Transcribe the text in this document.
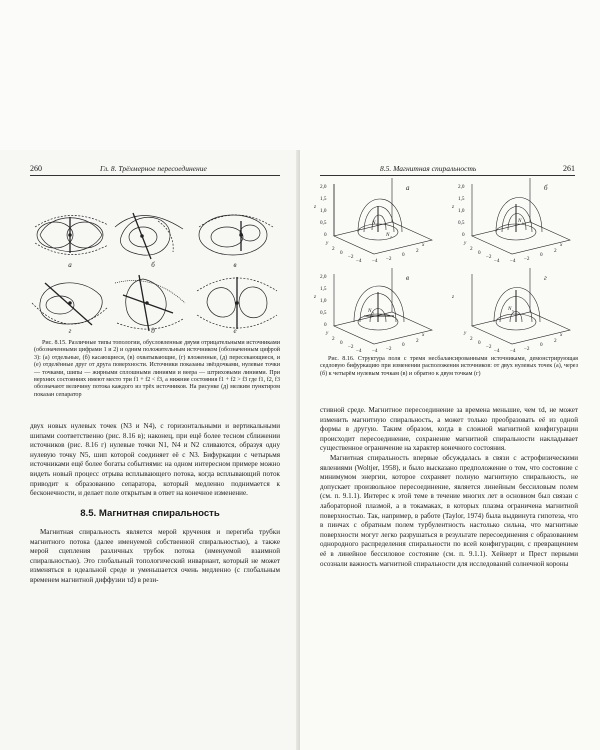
260	Гл. 8. Трёхмерное пересоединение
а	б	в
г	д	е
Рис. 8.15. Различные типы топологии, обусловленные двумя отрицательными источниками (обозначенными цифрами 1 и 2) и одним положительным источником (обозначенным цифрой 3): (а) отдельные, (б) касающиеся, (в) охватывающие, (г) вложенные, (д) пересекающиеся, и (е) отделённые друг от друга поверхности. Источники показаны звёздочками, нулевые точки — точками, шипы — жирными сплошными линиями и веера — штриховыми линиями. При верхних состояниях имеют место три f1 + f2 < f3, а нижние состояния f1 + f2 > f3 где f1, f2, f3 обозначают величину потока каждого из трёх источников. На рисунке (д) мелким пунктиром показан сепаратор

двух новых нулевых точек (N3 и N4), с горизонтальными и вертикальными шипами соответственно (рис. 8.16 в); наконец, при ещё более тесном сближении источников (рис. 8.16 г) нулевые точки N1, N4 и N2 сливаются, образуя одну нулевую точку N5, шип которой соединяет её с N3. Бифуркации с четырьмя источниками ещё более богаты событиями: на одном интересном примере можно видеть новый процесс отрыва всплывающего потока, когда всплывающий поток приводит к образованию сепаратора, который медленно поднимается к бесконечности, и делает поле открытым в ответ на конечное изменение.

8.5. Магнитная спиральность

Магнитная спиральность является мерой кручения и перегиба трубки магнитного потока (далее именуемой собственной спиральностью), а также мерой сцепления различных трубок потока (именуемой взаимной спиральностью). Это глобальный топологический инвариант, который не может изменяться в идеальной среде и уменьшается очень медленно (с глобальным временем магнитной диффузии τd) в рези-

8.5. Магнитная спиральность	261
2,0
1,5
1,0
0,5
0
z
2
0
−2
−4 −4 −2
0
2
y	x
N 1
N 2
а	2,0
1,5
1,0
0,5
0
z
2
0
−2
−4 −4 −2
0
2
y	x
N 1
б
2,0
1,5
1,0
0,5
0
z
2
0
−2
−4 −4 −2
0
2
y	x
N 3
в
z
2
0
−2
−4 −4 −2
0
2
y	x
N 5
г
Рис. 8.16. Структура поля с тремя несбалансированными источниками, демонстрирующая седловую бифуркацию при изменении расположения источников: от двух нулевых точек (а), через (б) к четырём нулевым точкам (в) и обратно к двум точкам (г)

стивной среде. Магнитное пересоединение за времена меньшие, чем τd, не может изменить магнитную спиральность, а может только преобразовать её из одной формы в другую. Таким образом, когда в сложной магнитной конфигурации происходит пересоединение, сохранение магнитной спиральности накладывает существенное ограничение на характер конечного состояния.

Магнитная спиральность впервые обсуждалась в связи с астрофизическими явлениями (Woltjer, 1958), и было высказано предположение о том, что состояние с минимумом энергии, которое сохраняет полную магнитную спиральность, не допускает произвольное пересоединение, является линейным бессиловым полем (см. п. 9.1.1). Интерес к этой теме в течение многих лет в основном был связан с лабораторной плазмой, а в токамаках, в которых плазма ограничена магнитной поверхностью. Так, например, в работе (Taylor, 1974) была выдвинута гипотеза, что в пинчах с обратным полем турбулентность настолько сильна, что магнитные поверхности могут легко разрушаться в результате пересоединения с образованием однородного распределения спиральности по всей конфигурации, с превращением её в линейное бессиловое состояние (см. п. 9.1.1). Хейнерт и Прест первыми осознали важность магнитной спиральности для исследований солнечной короны
